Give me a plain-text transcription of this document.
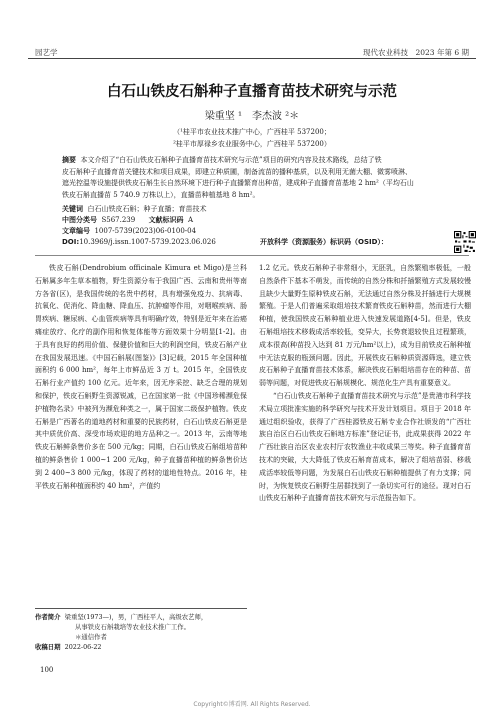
园艺学	现代农业科技　2023 年第 6 期
白石山铁皮石斛种子直播育苗技术研究与示范
梁重坚 ¹　李杰波 ²＊
（¹桂平市农业技术推广中心，广西桂平 537200；
²桂平市厚禄乡农业服务中心，广西桂平 537200）
摘要 本文介绍了“白石山铁皮石斛种子直播育苗技术研究与示范”项目的研究内容及技术路线，总结了铁
皮石斛种子直播育苗关键技术和项目成果，即建立种质圃，制备流苗的播种基质，以及利用无菌大棚、微雾喷淋、
遮光控温等设施提供铁皮石斛生长自然环境下进行种子直播繁育出种苗，建成种子直播育苗基地 2 hm²（平均石山
铁皮石斛直播苗 5 740.9 万株以上），直播苗种植基地 8 hm²。
关键词 白石山铁皮石斛；种子直播；育苗技术
中图分类号 S567.239 文献标识码 A
文章编号 1007-5739(2023)06-0100-04
DOI:10.3969/j.issn.1007-5739.2023.06.026	开放科学（资源服务）标识码（OSID）：
铁皮石斛(Dendrobium officinale Kimura et Migo)是兰科石斛属多年生草本植物，野生资源分布于我国广西、云南和贵州等南方各省(区)，是我国传统的名贵中药材，具有增强免疫力、抗病毒、抗氧化、促消化、降血糖、降血压、抗肿瘤等作用，对咽喉疾病、肠胃疾病、糖尿病、心血管疾病等具有明确疗效，特别是近年来在治癌痛症放疗、化疗的副作用和恢复体能等方面效果十分明显[1-2]。由于具有良好的药用价值、保健价值和巨大的利润空间，铁皮石斛产业在我国发展迅速。《中国石斛展(图鉴)》[3]记载，2015 年全国种植面积约 6 000 hm²，每年上市鲜品近 3 万 t。2015 年，全国铁皮石斛行业产值约 100 亿元。近年来，因无序采挖、缺乏合理的规划和保护，铁皮石斛野生资源锐减，已在国家第一批《中国珍稀濒危保护植物名录》中被列为濒危种类之一，属于国家二级保护植物。铁皮石斛是广西著名的道地药材和重要的民族药材，白石山铁皮石斛更是其中质优价高、深受市场欢迎的地方品种之一。2013 年，云南等地铁皮石斛鲜条售价多在 500 元/kg；同期，白石山铁皮石斛组培苗种植的鲜条售价 1 000~1 200 元/kg，种子直播苗种植的鲜条售价达到 2 400~3 800 元/kg，体现了药材的道地性特点。2016 年，桂平铁皮石斛种植面积约 40 hm²，产值约
1.2 亿元。铁皮石斛种子非常细小，无胚乳，自然繁殖率极低，一般自然条件下基本不萌发，而传统的自然分株和扦插繁殖方式发展较慢且缺少大量野生原种铁皮石斛，无法通过自然分株及扦插进行大规模繁殖。于是人们普遍采取组培技术繁育铁皮石斛种苗，然而进行大棚种植，使我国铁皮石斛种植业进入快速发展道路[4-5]。但是，铁皮石斛组培技术移栽成活率较低，变异大，长势衰退较快且过程繁琐，成本很高(种苗投入达到 81 万元/hm²以上)，成为目前铁皮石斛种植中无法克服的瓶颈问题。因此，开展铁皮石斛种质资源筛选，建立铁皮石斛种子直播育苗技术体系，解决铁皮石斛组培苗存在的种苗、苗弱等问题，对促进铁皮石斛规模化、规范化生产具有重要意义。
“白石山铁皮石斛种子直播育苗技术研究与示范”是贵港市科学技术局立项批准实施的科学研究与技术开发计划项目。项目于 2018 年通过组织验收，获得了广西桂源铁皮石斛专业合作社颁发的“广西壮族自治区白石山铁皮石斛地方标准”登记证书，此成果获得 2022 年广西壮族自治区农业农村厅农牧渔业丰收成果三等奖。种子直播育苗技术的突破，大大降低了铁皮石斛育苗成本，解决了组培苗弱、移栽成活率较低等问题，为发展白石山铁皮石斛种植提供了有力支撑；同时，为恢复铁皮石斛野生居群找到了一条切实可行的途径。现对白石山铁皮石斛种子直播育苗技术研究与示范报告如下。
作者简介 梁重坚(1973—)，男，广西桂平人，高级农艺师，
从事铁皮石斛栽培等农业技术推广工作。
＊通信作者
收稿日期 2022-06-22
100
Copyright©博看网. All Rights Reserved.
